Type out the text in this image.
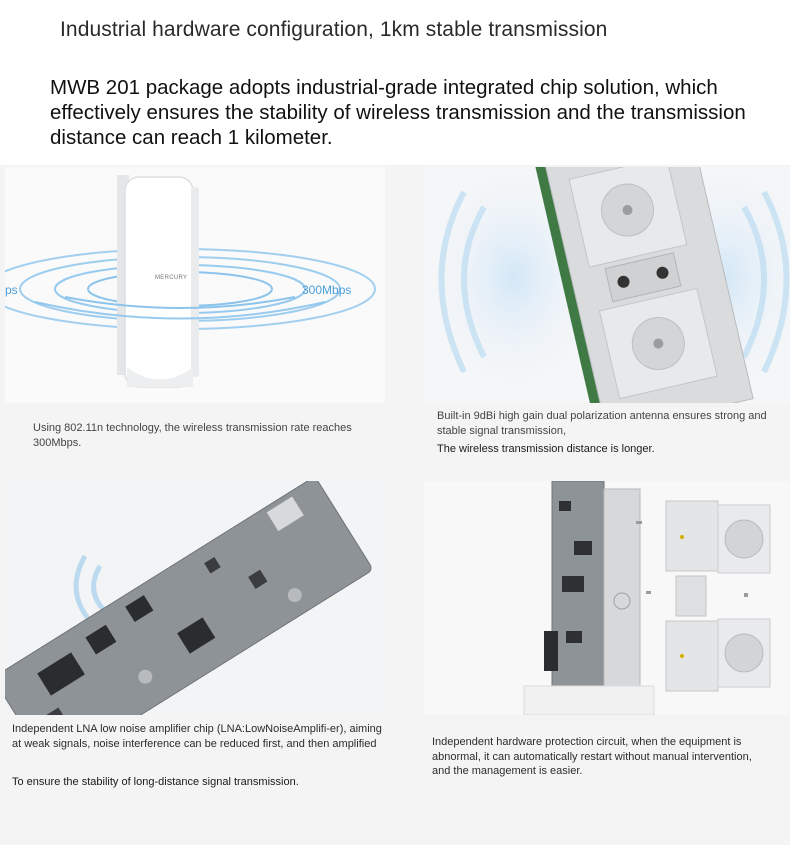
Industrial hardware configuration, 1km stable transmission
MWB 201 package adopts industrial-grade integrated chip solution, which effectively ensures the stability of wireless transmission and the transmission distance can reach 1 kilometer.
MERCURY
ps	300Mbps
Using 802.11n technology, the wireless transmission rate reaches 300Mbps.
Built-in 9dBi high gain dual polarization antenna ensures strong and stable signal transmission,
The wireless transmission distance is longer.
Independent LNA low noise amplifier chip (LNA:LowNoiseAmplifi-er), aiming at weak signals, noise interference can be reduced first, and then amplified
To ensure the stability of long-distance signal transmission.
Independent hardware protection circuit, when the equipment is abnormal, it can automatically restart without manual intervention, and the management is easier.
